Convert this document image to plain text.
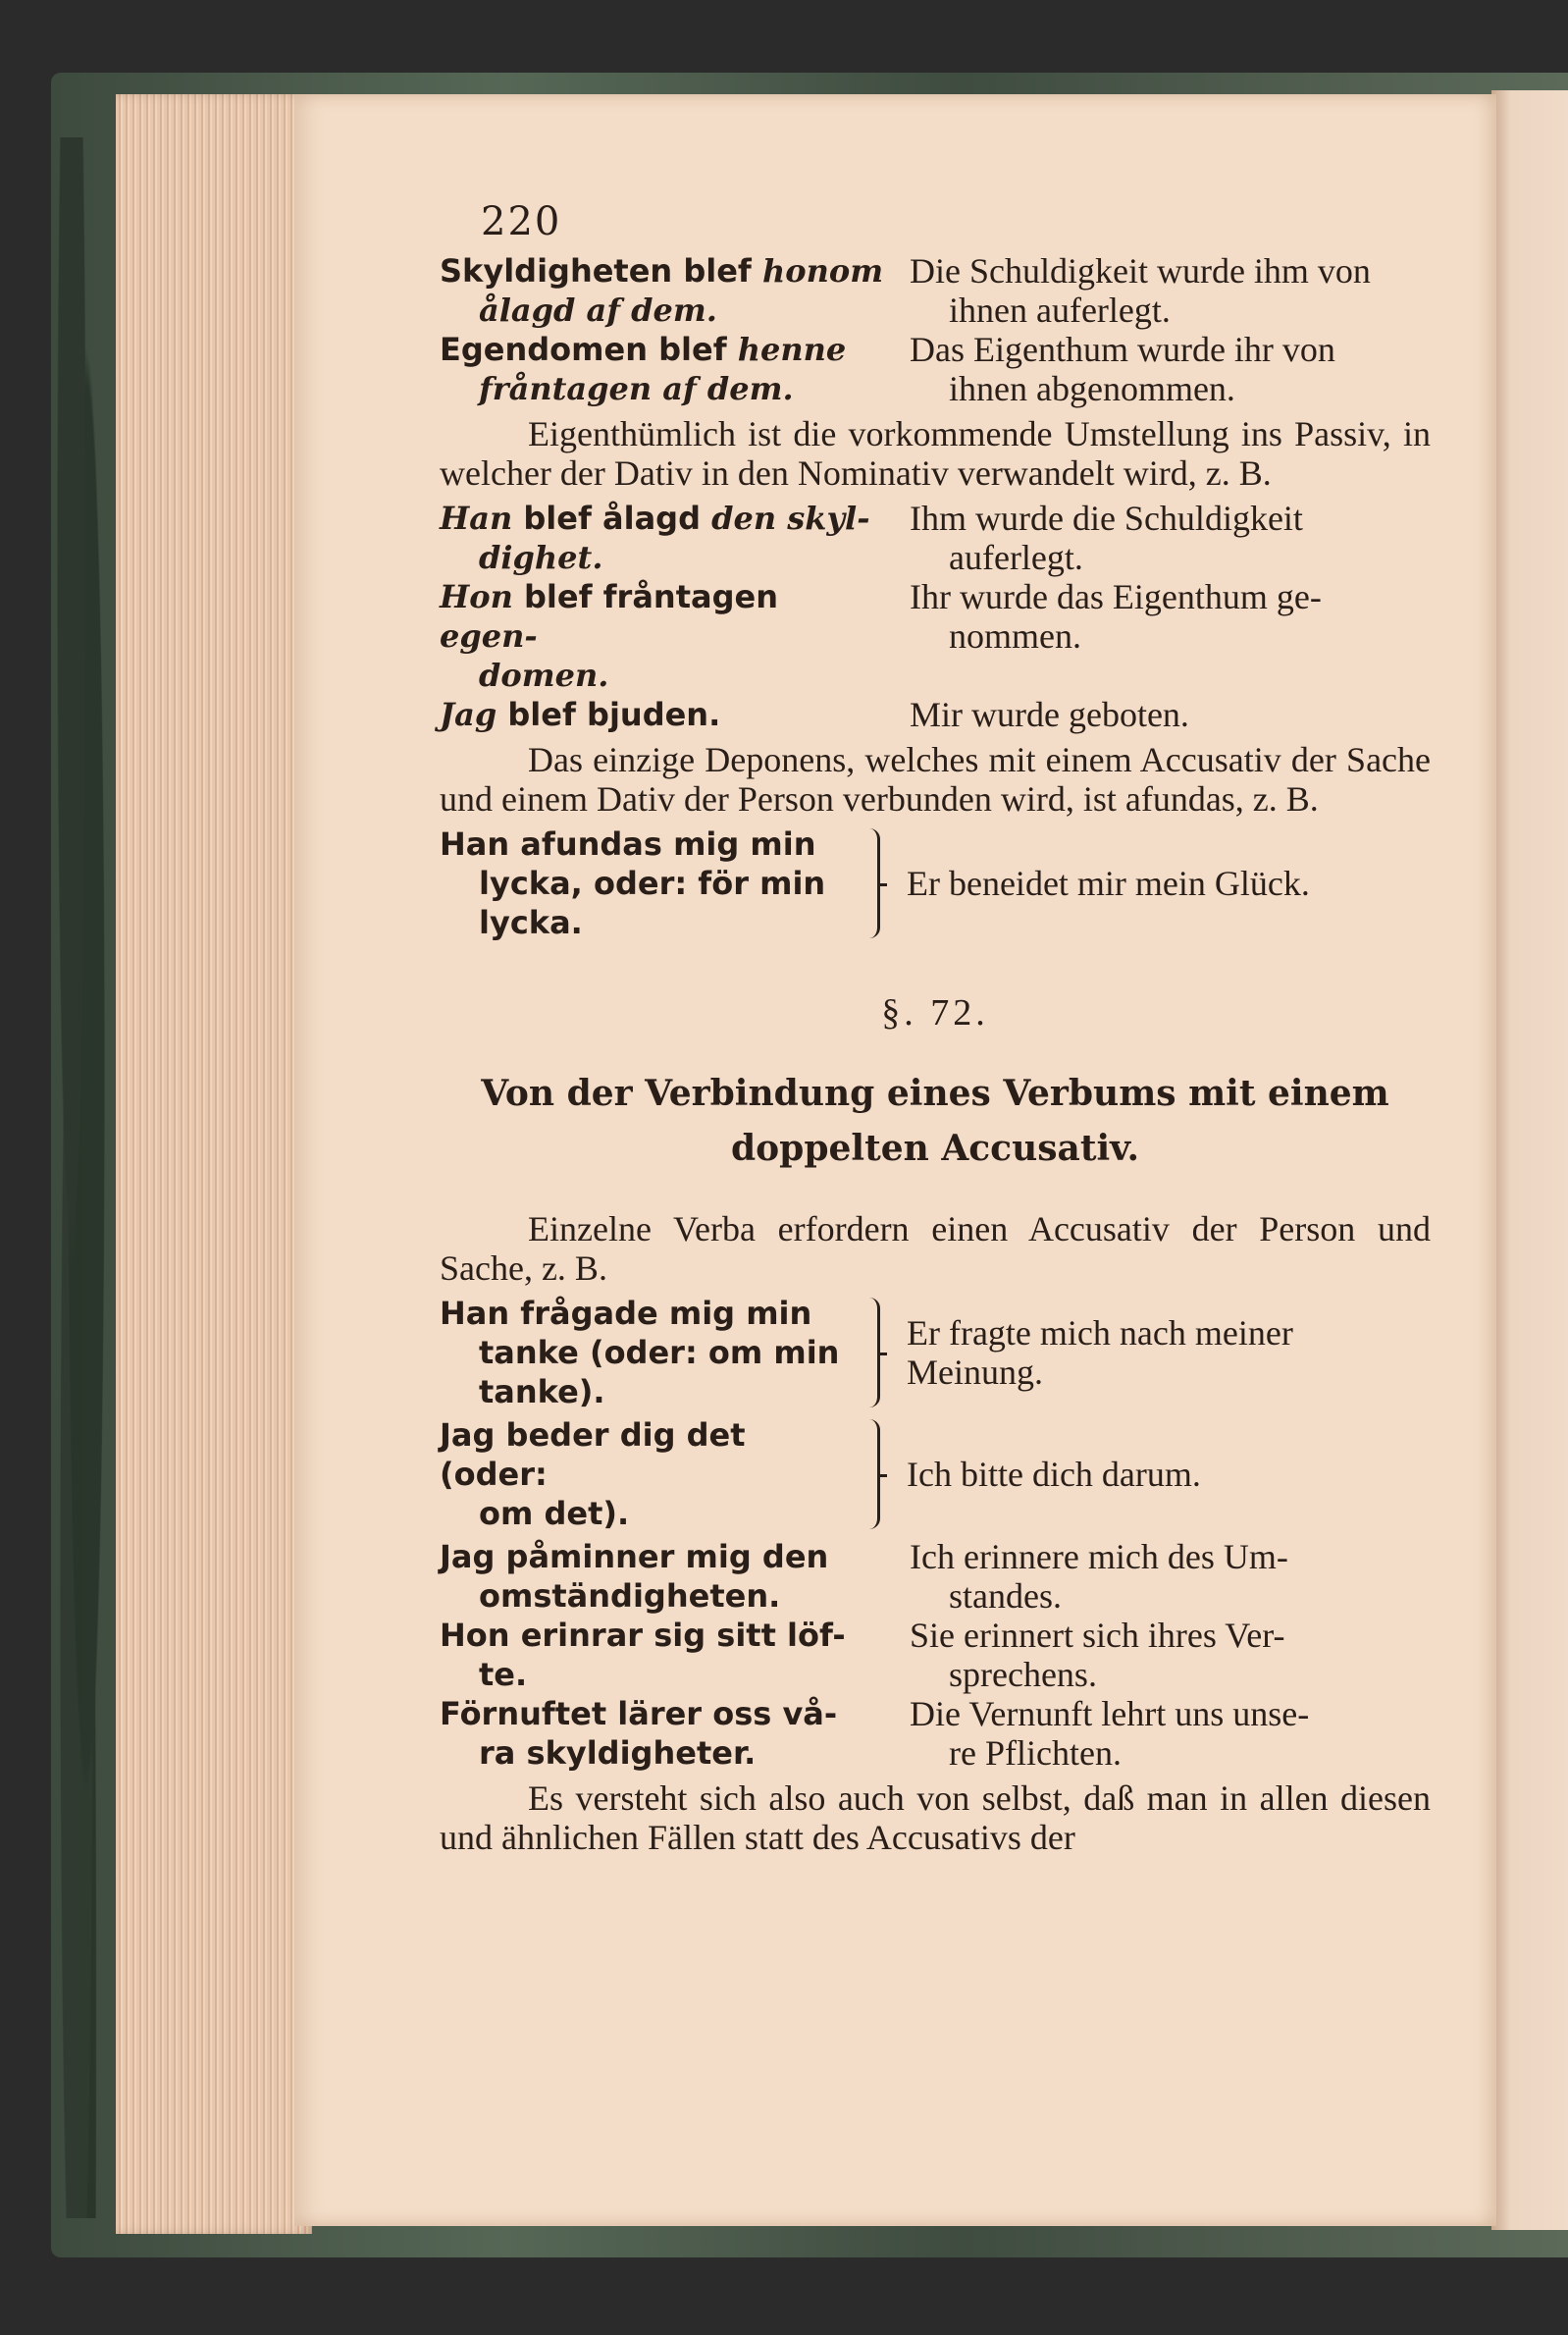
220
Skyldigheten blef honom
ålagd af dem.
Die Schuldigkeit wurde ihm von
ihnen auferlegt.
Egendomen blef henne
fråntagen af dem.
Das Eigenthum wurde ihr von
ihnen abgenommen.

Eigenthümlich ist die vorkommende Umstellung ins Passiv, in welcher der Dativ in den Nominativ verwandelt wird, z. B.

Han blef ålagd den skyl-
dighet.
Ihm wurde die Schuldigkeit
auferlegt.
Hon blef fråntagen egen-
domen.
Ihr wurde das Eigenthum ge-
nommen.
Jag blef bjuden.	Mir wurde geboten.

Das einzige Deponens, welches mit einem Accusativ der Sache und einem Dativ der Person verbunden wird, ist afundas, z. B.

Han afundas mig min
lycka, oder: för min
lycka.
Er beneidet mir mein Glück.
§. 72.
Von der Verbindung eines Verbums mit einem doppelten Accusativ.

Einzelne Verba erfordern einen Accusativ der Person und Sache, z. B.

Han frågade mig min
tanke (oder: om min
tanke).
Er fragte mich nach meiner Meinung.
Jag beder dig det (oder:
om det).
Ich bitte dich darum.
Jag påminner mig den
omständigheten.
Ich erinnere mich des Um-
standes.
Hon erinrar sig sitt löf-
te.
Sie erinnert sich ihres Ver-
sprechens.
Förnuftet lärer oss vå-
ra skyldigheter.
Die Vernunft lehrt uns unse-
re Pflichten.

Es versteht sich also auch von selbst, daß man in allen diesen und ähnlichen Fällen statt des Accusativs der
